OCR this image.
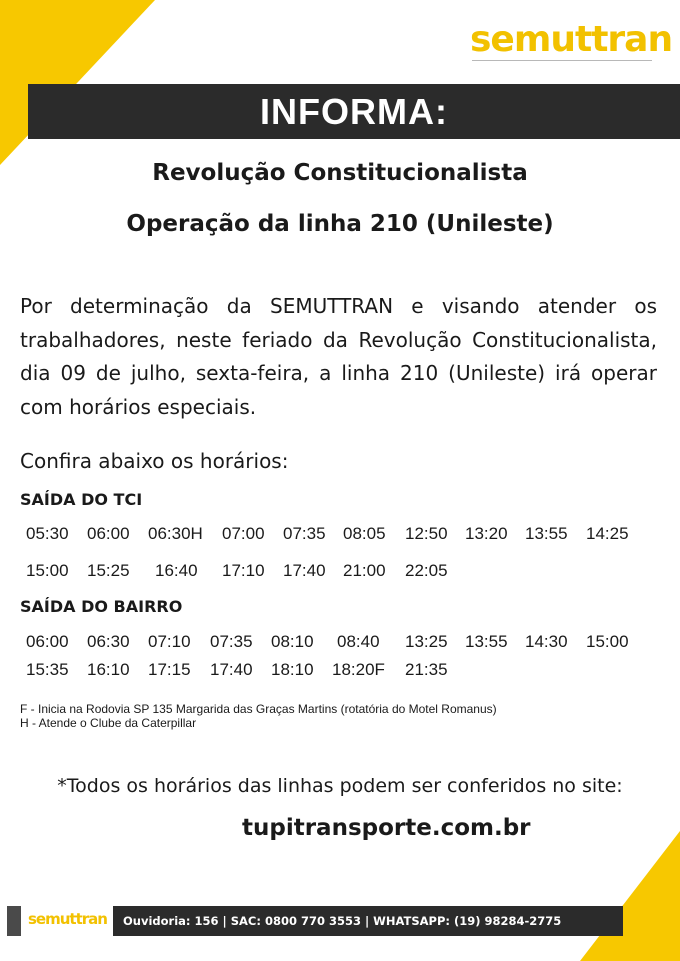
semuttran
INFORMA:
Revolução Constitucionalista
Operação da linha 210 (Unileste)
Por determinação da SEMUTTRAN e visando atender os trabalhadores, neste feriado da Revolução Constitucionalista, dia 09 de julho, sexta-feira, a linha 210 (Unileste) irá operar com horários especiais.
Confira abaixo os horários:
SAÍDA DO TCI
05:30 06:00 06:30H 07:00 07:35 08:05 12:50 13:20 13:55 14:25
15:00 15:25 16:40 17:10 17:40 21:00 22:05
SAÍDA DO BAIRRO
06:00 06:30 07:10 07:35 08:10 08:40 13:25 13:55 14:30 15:00
15:35 16:10 17:15 17:40 18:10 18:20F 21:35
F - Inicia na Rodovia SP 135 Margarida das Graças Martins (rotatória do Motel Romanus)
H - Atende o Clube da Caterpillar
*Todos os horários das linhas podem ser conferidos no site:
tupitransporte.com.br
semuttran Ouvidoria: 156 | SAC: 0800 770 3553 | WHATSAPP: (19) 98284-2775
